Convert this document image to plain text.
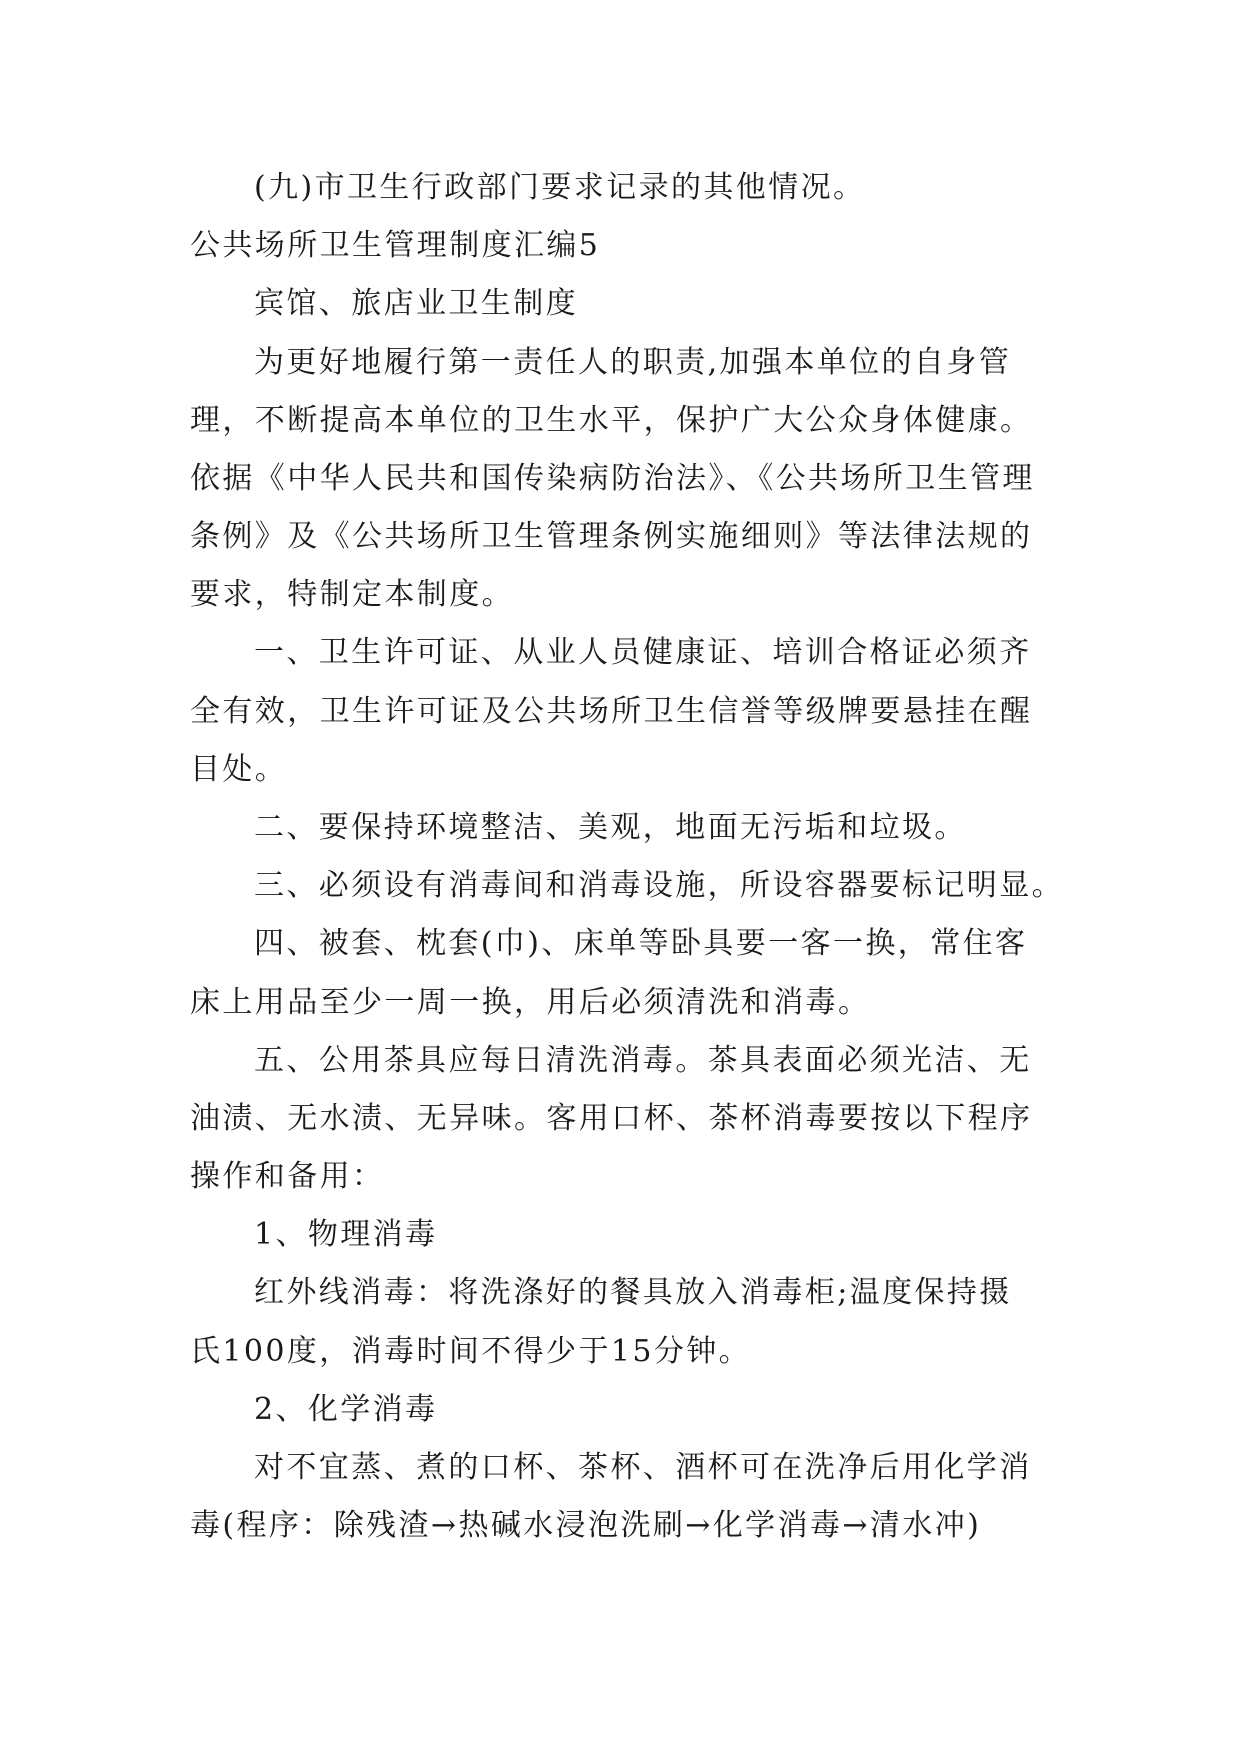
(九)市卫生行政部门要求记录的其他情况。
公共场所卫生管理制度汇编5
宾馆、旅店业卫生制度
为更好地履行第一责任人的职责,加强本单位的自身管
理，不断提高本单位的卫生水平，保护广大公众身体健康。
依据《中华人民共和国传染病防治法》、《公共场所卫生管理
条例》及《公共场所卫生管理条例实施细则》等法律法规的
要求，特制定本制度。
一、卫生许可证、从业人员健康证、培训合格证必须齐
全有效，卫生许可证及公共场所卫生信誉等级牌要悬挂在醒
目处。
二、要保持环境整洁、美观，地面无污垢和垃圾。
三、必须设有消毒间和消毒设施，所设容器要标记明显。
四、被套、枕套(巾)、床单等卧具要一客一换，常住客
床上用品至少一周一换，用后必须清洗和消毒。
五、公用茶具应每日清洗消毒。茶具表面必须光洁、无
油渍、无水渍、无异味。客用口杯、茶杯消毒要按以下程序
操作和备用：
1、物理消毒
红外线消毒：将洗涤好的餐具放入消毒柜;温度保持摄
氏100度，消毒时间不得少于15分钟。
2、化学消毒
对不宜蒸、煮的口杯、茶杯、酒杯可在洗净后用化学消
毒(程序：除残渣→热碱水浸泡洗刷→化学消毒→清水冲)
